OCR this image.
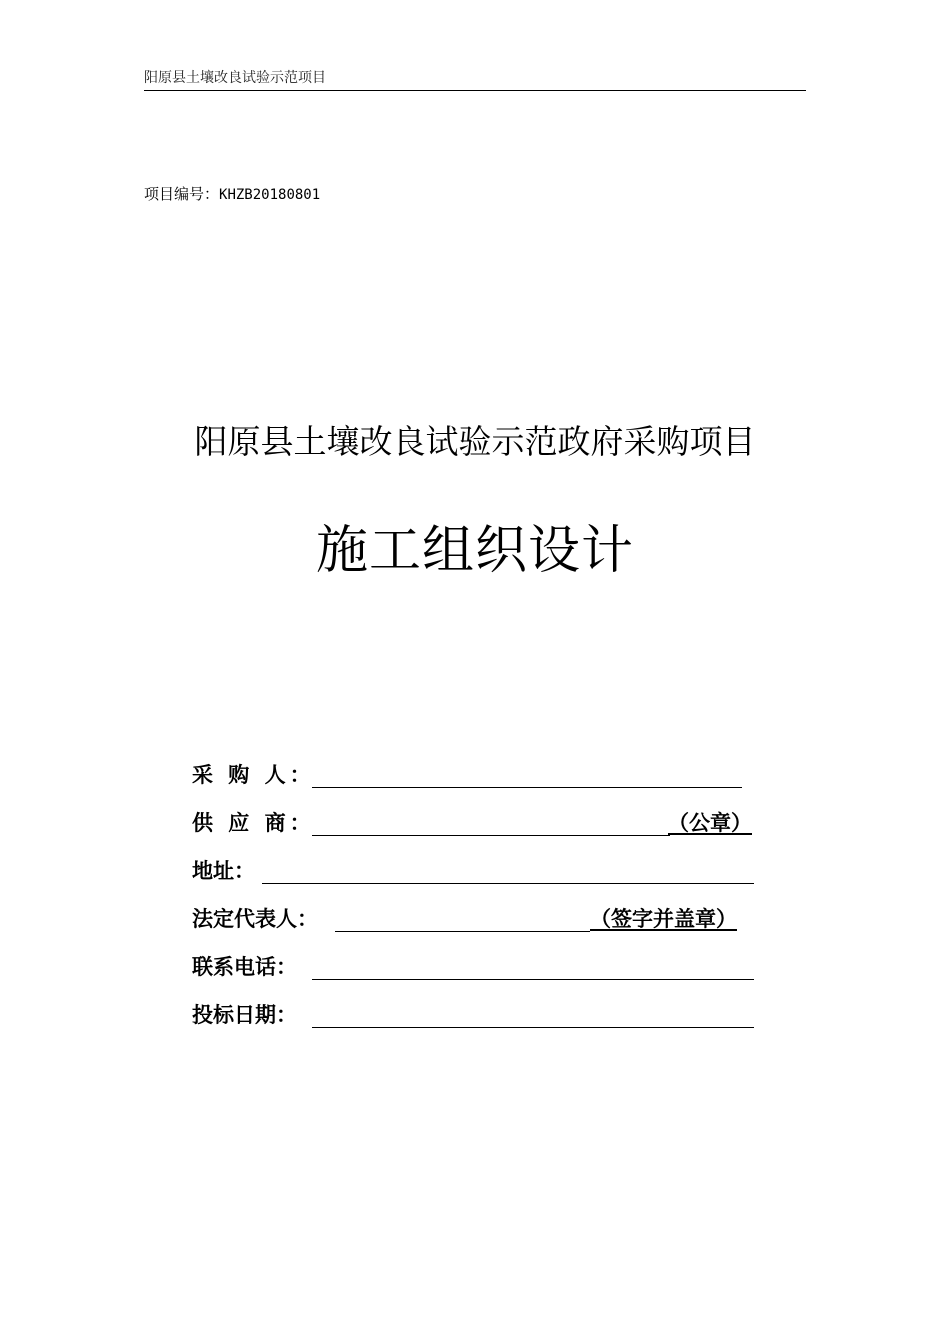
阳原县土壤改良试验示范项目
项目编号：KHZB20180801
阳原县土壤改良试验示范政府采购项目
施工组织设计
采 购 人：
供 应 商：	（公章）
地址：
法定代表人：	（签字并盖章）
联系电话：
投标日期：
